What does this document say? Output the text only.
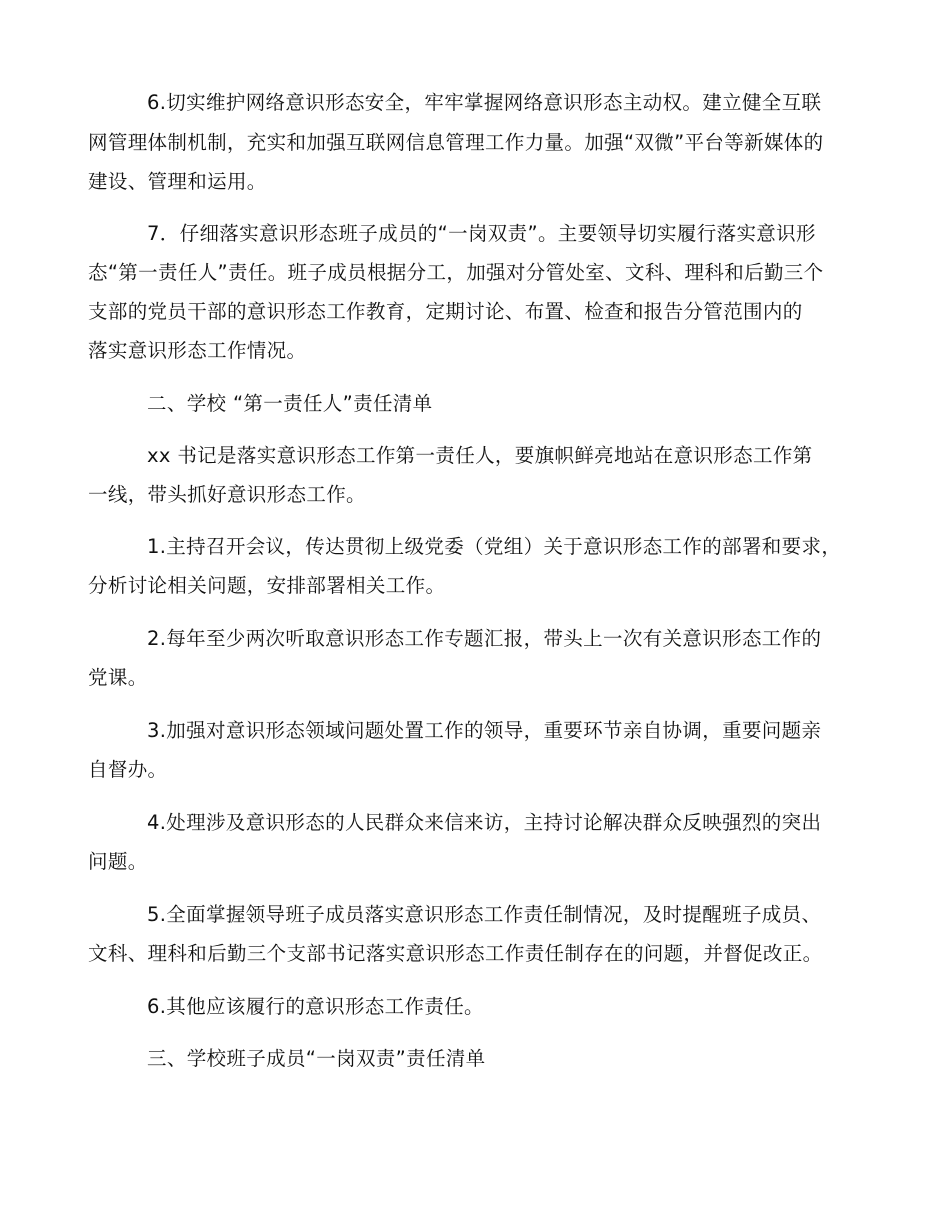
6.切实维护网络意识形态安全，牢牢掌握网络意识形态主动权。建立健全互联
网管理体制机制，充实和加强互联网信息管理工作力量。加强“双微”平台等新媒体的
建设、管理和运用。
7．仔细落实意识形态班子成员的“一岗双责”。主要领导切实履行落实意识形
态“第一责任人”责任。班子成员根据分工，加强对分管处室、文科、理科和后勤三个
支部的党员干部的意识形态工作教育，定期讨论、布置、检查和报告分管范围内的
落实意识形态工作情况。
二、学校 “第一责任人”责任清单
xx 书记是落实意识形态工作第一责任人，要旗帜鲜亮地站在意识形态工作第
一线，带头抓好意识形态工作。
1.主持召开会议，传达贯彻上级党委（党组）关于意识形态工作的部署和要求，
分析讨论相关问题，安排部署相关工作。
2.每年至少两次听取意识形态工作专题汇报，带头上一次有关意识形态工作的
党课。
3.加强对意识形态领域问题处置工作的领导，重要环节亲自协调，重要问题亲
自督办。
4.处理涉及意识形态的人民群众来信来访，主持讨论解决群众反映强烈的突出
问题。
5.全面掌握领导班子成员落实意识形态工作责任制情况，及时提醒班子成员、
文科、理科和后勤三个支部书记落实意识形态工作责任制存在的问题，并督促改正。
6.其他应该履行的意识形态工作责任。
三、学校班子成员“一岗双责”责任清单
